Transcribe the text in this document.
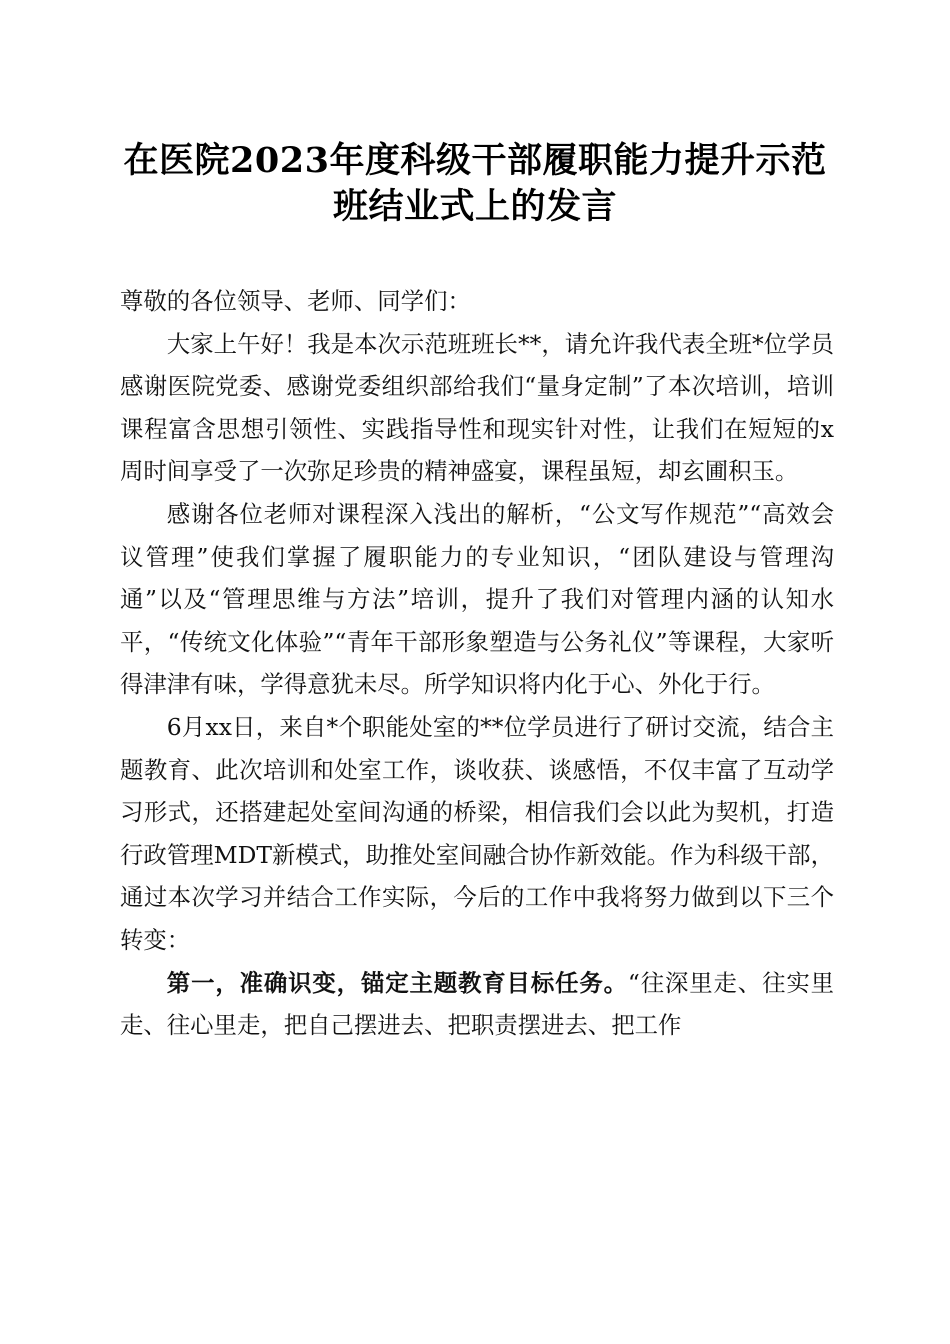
在医院2023年度科级干部履职能力提升示范
班结业式上的发言

尊敬的各位领导、老师、同学们：

大家上午好！我是本次示范班班长**，请允许我代表全班*位学员感谢医院党委、感谢党委组织部给我们“量身定制”了本次培训，培训课程富含思想引领性、实践指导性和现实针对性，让我们在短短的x周时间享受了一次弥足珍贵的精神盛宴，课程虽短，却玄圃积玉。

感谢各位老师对课程深入浅出的解析，“公文写作规范”“高效会议管理”使我们掌握了履职能力的专业知识，“团队建设与管理沟通”以及“管理思维与方法”培训，提升了我们对管理内涵的认知水平，“传统文化体验”“青年干部形象塑造与公务礼仪”等课程，大家听得津津有味，学得意犹未尽。所学知识将内化于心、外化于行。

6月xx日，来自*个职能处室的**位学员进行了研讨交流，结合主题教育、此次培训和处室工作，谈收获、谈感悟，不仅丰富了互动学习形式，还搭建起处室间沟通的桥梁，相信我们会以此为契机，打造行政管理MDT新模式，助推处室间融合协作新效能。作为科级干部，通过本次学习并结合工作实际，今后的工作中我将努力做到以下三个转变：

第一，准确识变，锚定主题教育目标任务。“往深里走、往实里走、往心里走，把自己摆进去、把职责摆进去、把工作
